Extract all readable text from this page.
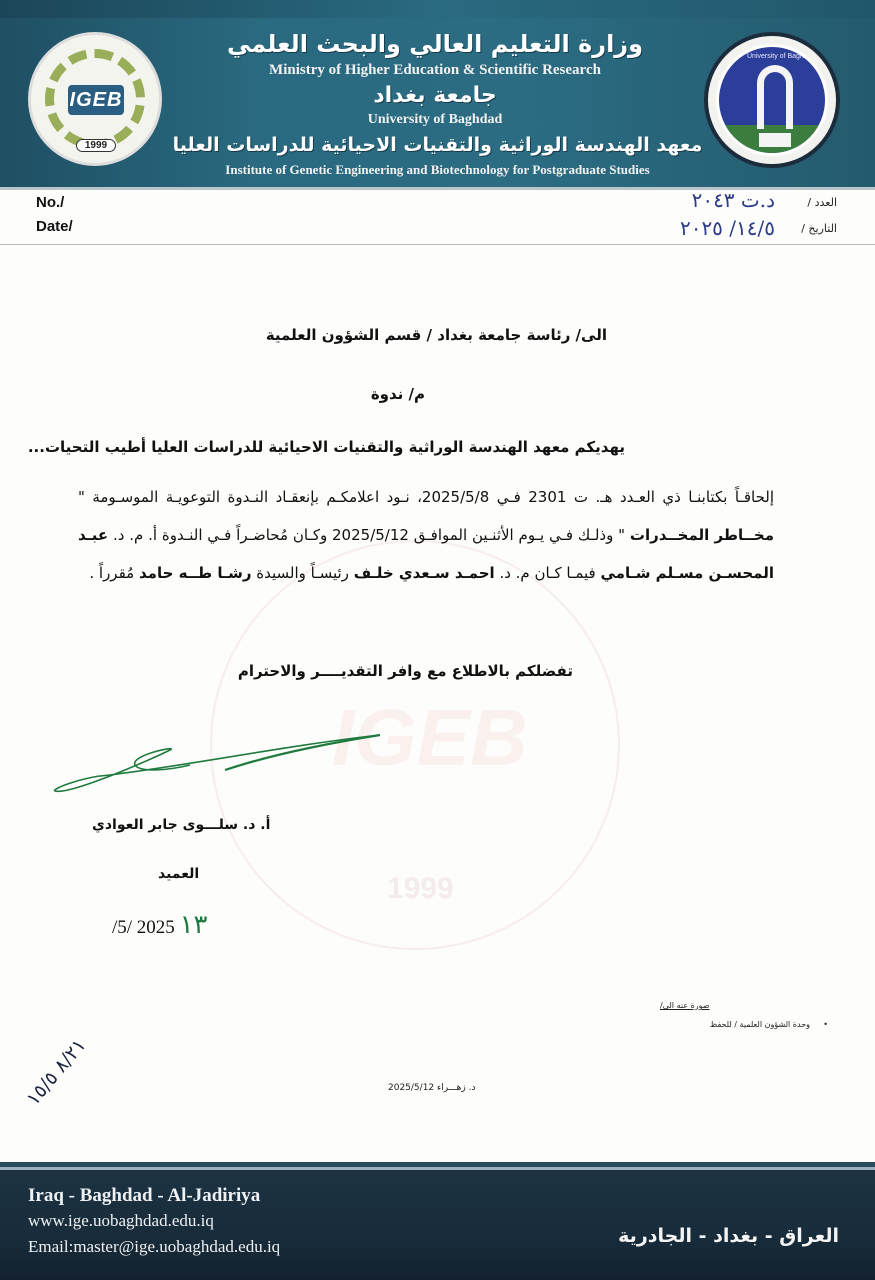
IGEB
1999
University of Baghdad
وزارة التعليم العالي والبحث العلمي
Ministry of Higher Education & Scientific Research
جامعة بغداد
University of Baghdad
معهد الهندسة الوراثية والتقنيات الاحيائية للدراسات العليا
Institute of Genetic Engineering and Biotechnology for Postgraduate Studies
No./
Date/
العدد /
التاريخ /
د.ت ٢٠٤٣
١٤/٥/ ٢٠٢٥
IGEB
1999
الى/ رئاسة جامعة بغداد / قسم الشؤون العلمية
م/ ندوة
يهديكم معهد الهندسة الوراثية والتقنيات الاحيائية للدراسات العليا أطيب التحيات...
إلحاقـاً بكتابنـا ذي العـدد هـ. ت 2301 فـي 2025/5/8، نـود اعلامكـم بإنعقـاد النـدوة التوعويـة الموسـومة " مخــاطر المخــدرات " وذلـك فـي يـوم الأثنـين الموافـق 2025/5/12 وكـان مُحاضـراً فـي النـدوة أ. م. د. عبـد المحسـن مسـلم شـامي فيمـا كـان م. د. احمـد سـعدي خلـف رئيسـاً والسيدة رشـا طــه حامد مُقرراً .
تفضلكم بالاطلاع مع وافر التقديــــر والاحترام
أ. د. سلـــوى جابر العوادي
العميد
/5/ 2025 ١٣
صورة عنه الى/
وحدة الشؤون العلمية / للحفظ •
٨/٢١ ١٥/٥
د. زهـــراء 2025/5/12
Iraq - Baghdad - Al-Jadiriya
www.ige.uobaghdad.edu.iq
Email:master@ige.uobaghdad.edu.iq	العراق - بغداد - الجادرية
